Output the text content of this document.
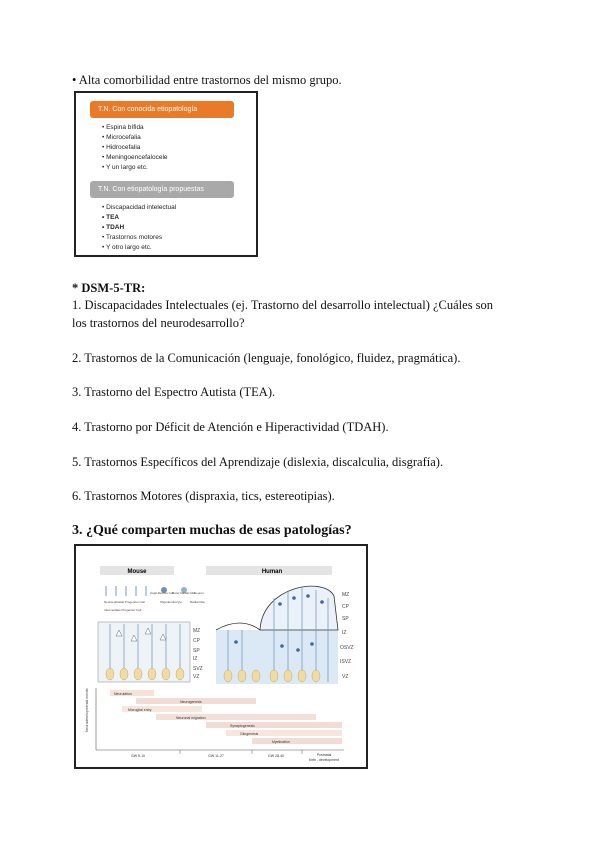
• Alta comorbilidad entre trastornos del mismo grupo.
T.N. Con conocida etiopatología
• Espina bífida
• Microcefalia
• Hidrocefalia
• Meningoencefalocele
• Y un largo etc.
T.N. Con etiopatología propuestas
• Discapacidad intelectual
• TEA
• TDAH
• Trastornos motores
• Y otro largo etc.
* DSM-5-TR:
1. Discapacidades Intelectuales (ej. Trastorno del desarrollo intelectual) ¿Cuáles son
los trastornos del neurodesarrollo?
2. Trastornos de la Comunicación (lenguaje, fonológico, fluidez, pragmática).
3. Trastorno del Espectro Autista (TEA).
4. Trastorno por Déficit de Atención e Hiperactividad (TDAH).
5. Trastornos Específicos del Aprendizaje (dislexia, discalculia, disgrafía).
6. Trastornos Motores (dispraxia, tics, estereotipias).
3. ¿Qué comparten muchas de esas patologías?
Mouse	Human
Neuroepithelial Progenitor Cell	Oligodendrocyte	Radial Glia
Intermediate Progenitor Cell
Outer Radial Glia
Neuron
Cajal-Retzius Cell
MZ
CP
SP
IZ
SVZ
VZ
MZ
CP
SP
IZ
OSVZ
ISVZ
VZ
Neurodevelopmental events	Neurulation
Neurogenesis
Microglial entry
Neuronal migration
Synaptogenesis
Gliogenesis
Myelination
GW 5-10	GW 11-27	GW 28-40	Postnatal
birth - development
